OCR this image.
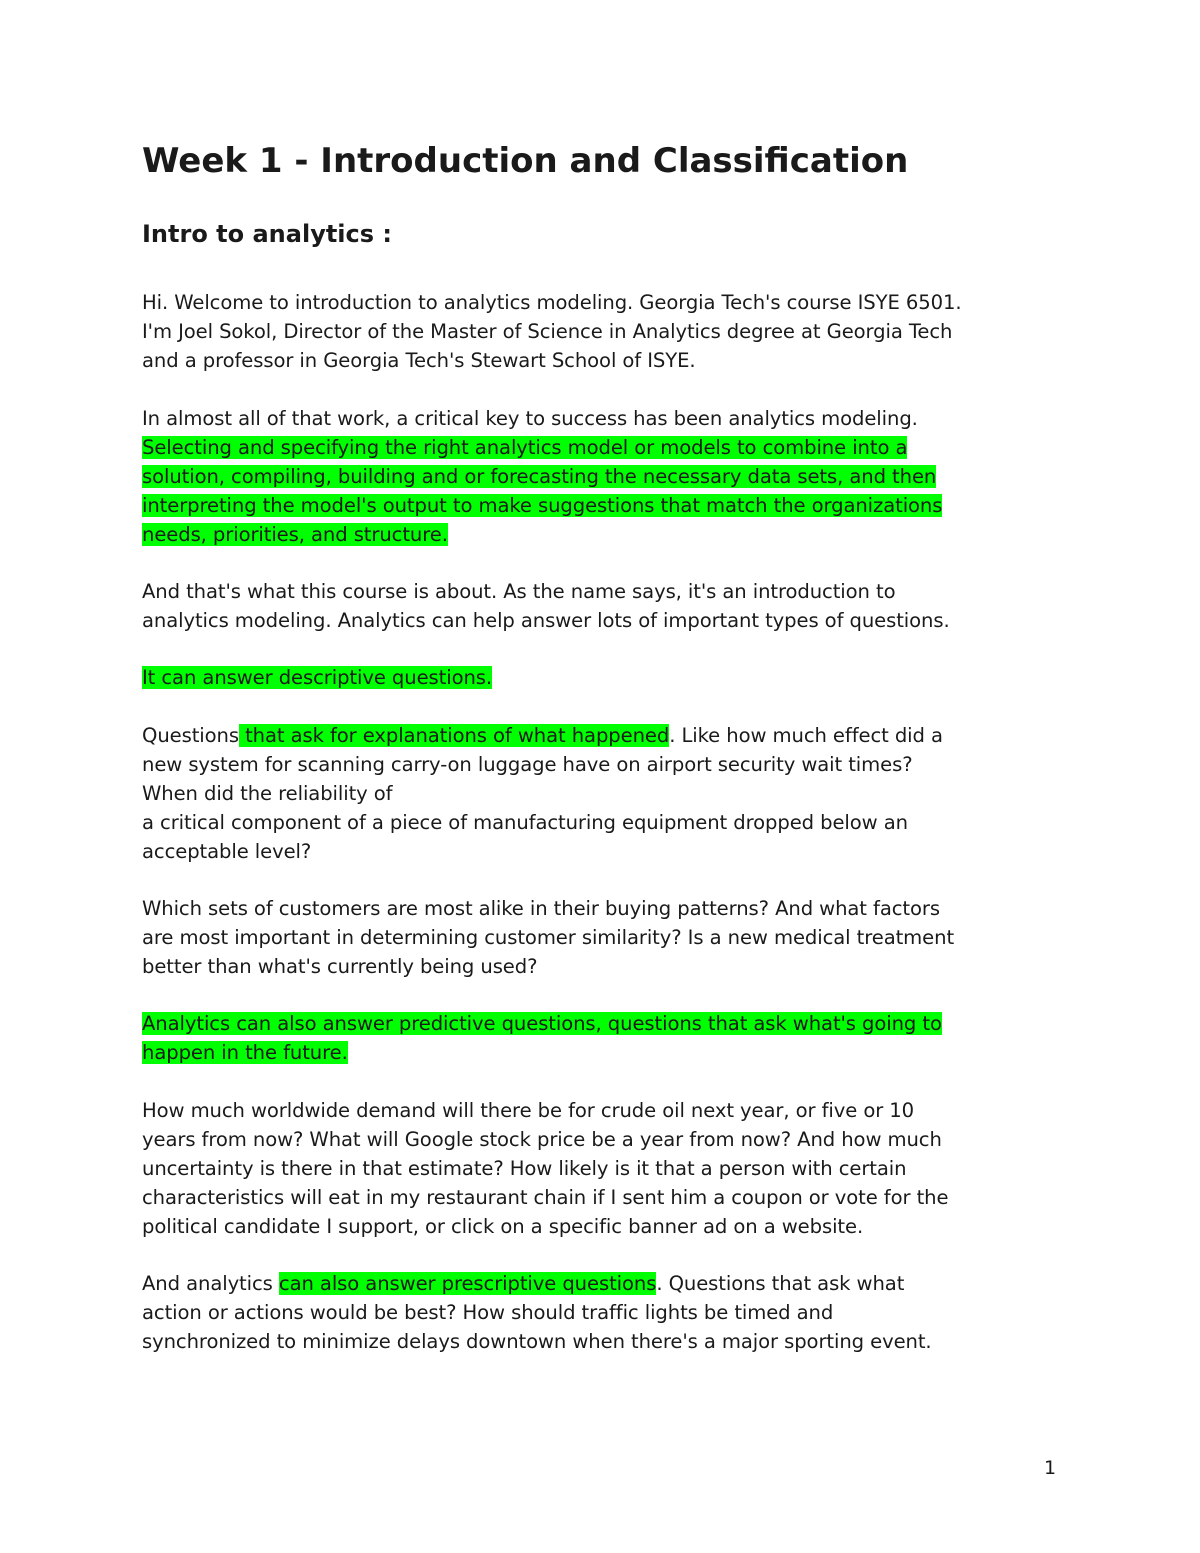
Week 1 - Introduction and Classification
Intro to analytics :

Hi. Welcome to introduction to analytics modeling. Georgia Tech's course ISYE 6501.
I'm Joel Sokol, Director of the Master of Science in Analytics degree at Georgia Tech
and a professor in Georgia Tech's Stewart School of ISYE.

In almost all of that work, a critical key to success has been analytics modeling.
Selecting and specifying the right analytics model or models to combine into a
solution, compiling, building and or forecasting the necessary data sets, and then
interpreting the model's output to make suggestions that match the organizations
needs, priorities, and structure.

And that's what this course is about. As the name says, it's an introduction to
analytics modeling. Analytics can help answer lots of important types of questions.

It can answer descriptive questions.

Questions that ask for explanations of what happened. Like how much effect did a
new system for scanning carry-on luggage have on airport security wait times?
When did the reliability of
a critical component of a piece of manufacturing equipment dropped below an
acceptable level?

Which sets of customers are most alike in their buying patterns? And what factors
are most important in determining customer similarity? Is a new medical treatment
better than what's currently being used?

Analytics can also answer predictive questions, questions that ask what's going to
happen in the future.

How much worldwide demand will there be for crude oil next year, or five or 10
years from now? What will Google stock price be a year from now? And how much
uncertainty is there in that estimate? How likely is it that a person with certain
characteristics will eat in my restaurant chain if I sent him a coupon or vote for the
political candidate I support, or click on a specific banner ad on a website.

And analytics can also answer prescriptive questions. Questions that ask what
action or actions would be best? How should traffic lights be timed and
synchronized to minimize delays downtown when there's a major sporting event.

1
